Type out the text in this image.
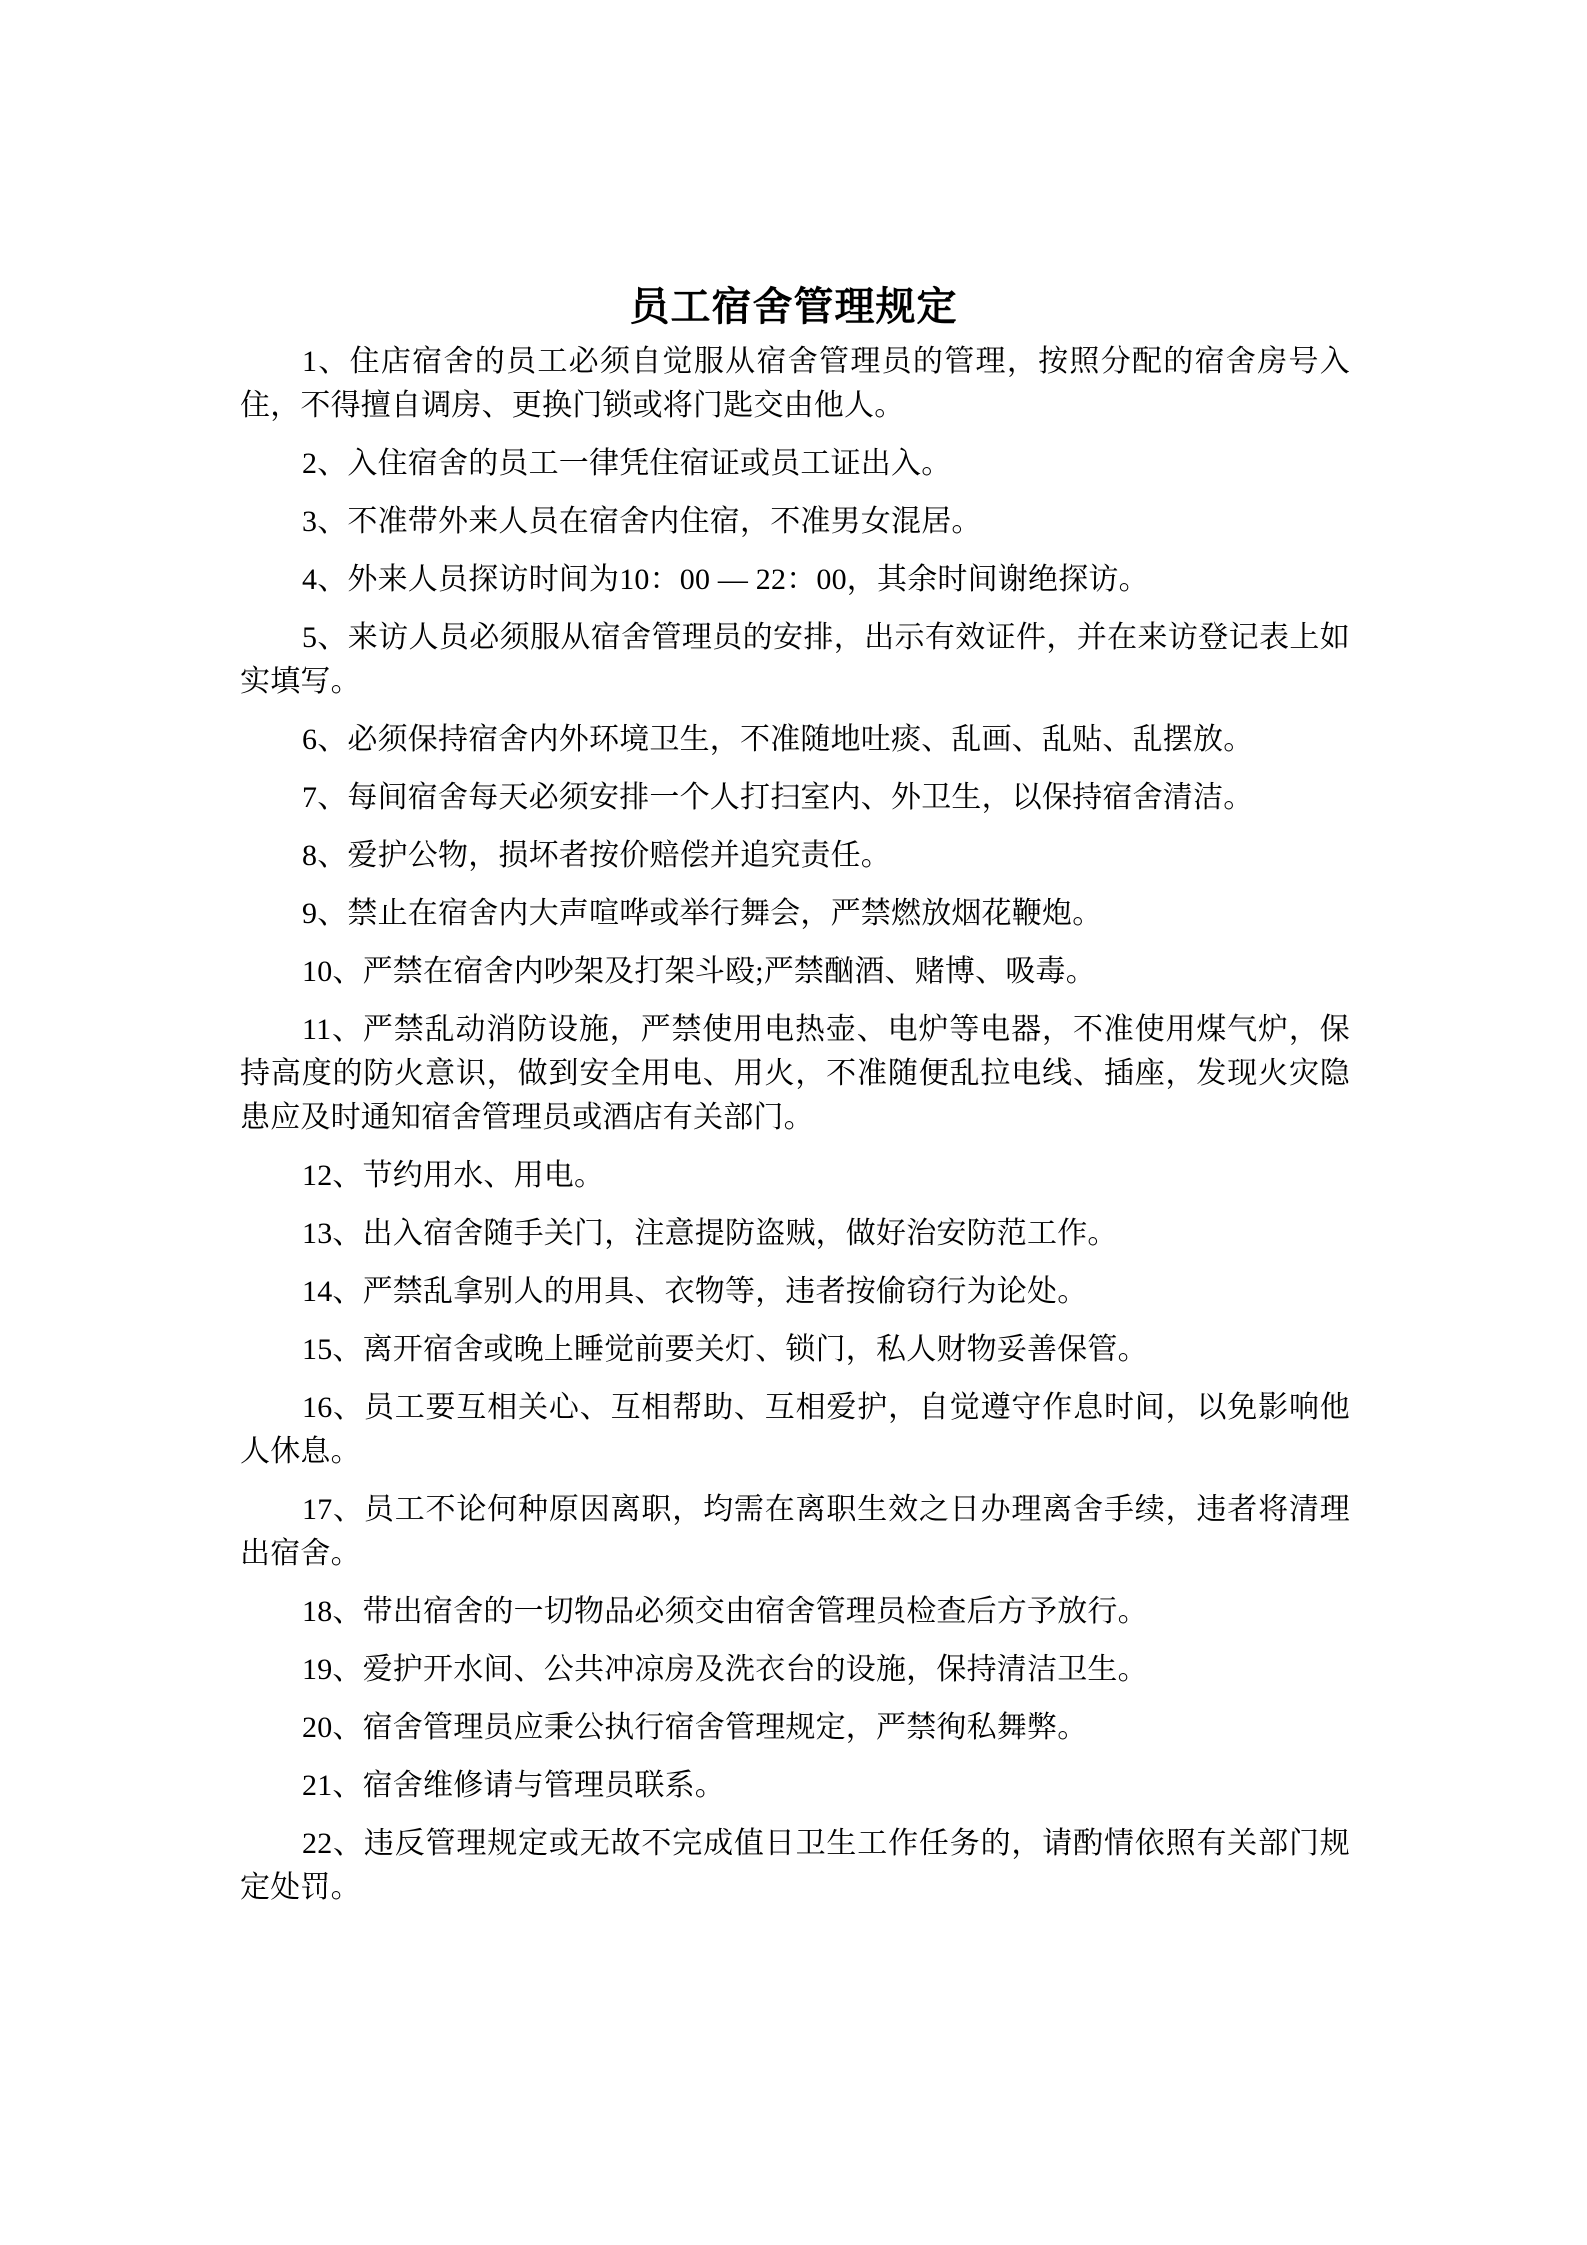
员工宿舍管理规定

1、住店宿舍的员工必须自觉服从宿舍管理员的管理，按照分配的宿舍房号入住，不得擅自调房、更换门锁或将门匙交由他人。

2、入住宿舍的员工一律凭住宿证或员工证出入。

3、不准带外来人员在宿舍内住宿，不准男女混居。

4、外来人员探访时间为10：00 — 22：00，其余时间谢绝探访。

5、来访人员必须服从宿舍管理员的安排，出示有效证件，并在来访登记表上如实填写。

6、必须保持宿舍内外环境卫生，不准随地吐痰、乱画、乱贴、乱摆放。

7、每间宿舍每天必须安排一个人打扫室内、外卫生，以保持宿舍清洁。

8、爱护公物，损坏者按价赔偿并追究责任。

9、禁止在宿舍内大声喧哗或举行舞会，严禁燃放烟花鞭炮。

10、严禁在宿舍内吵架及打架斗殴;严禁酗酒、赌博、吸毒。

11、严禁乱动消防设施，严禁使用电热壶、电炉等电器，不准使用煤气炉，保持高度的防火意识，做到安全用电、用火，不准随便乱拉电线、插座，发现火灾隐患应及时通知宿舍管理员或酒店有关部门。

12、节约用水、用电。

13、出入宿舍随手关门，注意提防盗贼，做好治安防范工作。

14、严禁乱拿别人的用具、衣物等，违者按偷窃行为论处。

15、离开宿舍或晚上睡觉前要关灯、锁门，私人财物妥善保管。

16、员工要互相关心、互相帮助、互相爱护，自觉遵守作息时间，以免影响他人休息。

17、员工不论何种原因离职，均需在离职生效之日办理离舍手续，违者将清理出宿舍。

18、带出宿舍的一切物品必须交由宿舍管理员检查后方予放行。

19、爱护开水间、公共冲凉房及洗衣台的设施，保持清洁卫生。

20、宿舍管理员应秉公执行宿舍管理规定，严禁徇私舞弊。

21、宿舍维修请与管理员联系。

22、违反管理规定或无故不完成值日卫生工作任务的，请酌情依照有关部门规定处罚。
